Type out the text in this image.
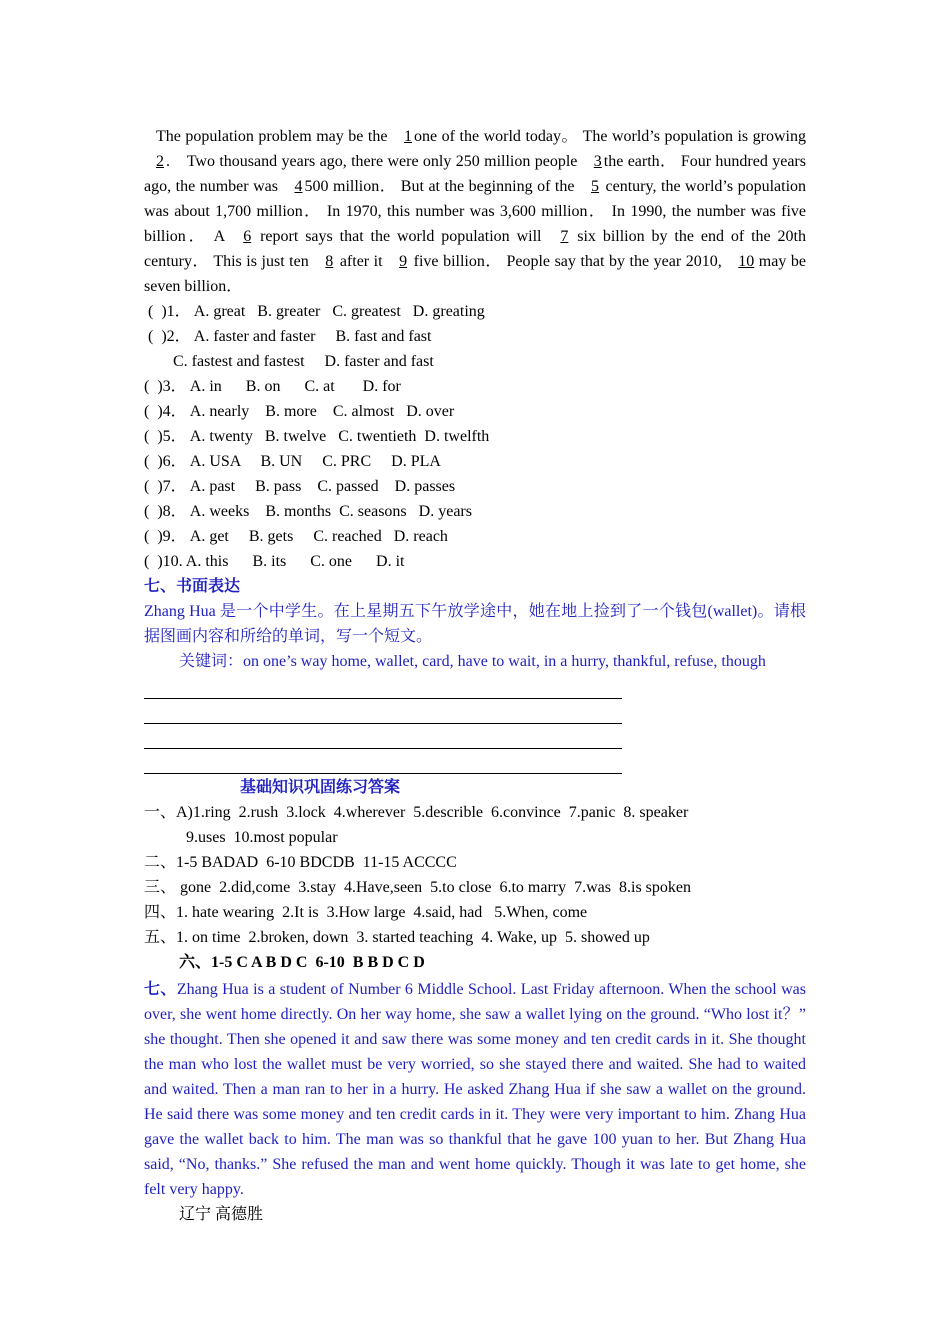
The population problem may be the 1 one of the world today。 The world’s population is growing 2 .　Two thousand years ago, there were only 250 million people 3 the earth． Four hundred years ago, the number was 4 500 million． But at the beginning of the 5 century, the world’s population was about 1,700 million． In 1970, this number was 3,600 million． In 1990, the number was five billion． A 6 report says that the world population will 7 six billion by the end of the 20th century． This is just ten 8 after it 9 five billion． People say that by the year 2010, 10 may be seven billion．

(  )1． A. great   B. greater   C. greatest   D. greating

(  )2． A. faster and faster     B. fast and fast

C. fastest and fastest     D. faster and fast

(  )3． A. in      B. on      C. at       D. for

(  )4． A. nearly    B. more    C. almost   D. over

(  )5． A. twenty   B. twelve   C. twentieth  D. twelfth

(  )6． A. USA     B. UN     C. PRC     D. PLA

(  )7． A. past     B. pass    C. passed    D. passes

(  )8． A. weeks    B. months  C. seasons   D. years

(  )9． A. get     B. gets     C. reached   D. reach

(  )10. A. this      B. its      C. one      D. it

七、书面表达

Zhang Hua 是一个中学生。在上星期五下午放学途中，她在地上捡到了一个钱包(wallet)。请根据图画内容和所给的单词，写一个短文。

关键词：on one’s way home, wallet, card, have to wait, in a hurry, thankful, refuse, though

基础知识巩固练习答案

一、A)1.ring  2.rush  3.lock  4.wherever  5.describle  6.convince  7.panic  8. speaker

9.uses  10.most popular

二、1-5 BADAD  6-10 BDCDB  11-15 ACCCC

三、 gone  2.did,come  3.stay  4.Have,seen  5.to close  6.to marry  7.was  8.is spoken

四、1. hate wearing  2.It is  3.How large  4.said, had   5.When, come

五、1. on time  2.broken, down  3. started teaching  4. Wake, up  5. showed up

六、1-5 C A B D C  6-10  B B D C D

七、Zhang Hua is a student of Number 6 Middle School. Last Friday afternoon. When the school was over, she went home directly. On her way home, she saw a wallet lying on the ground. “Who lost it？” she thought. Then she opened it and saw there was some money and ten credit cards in it. She thought the man who lost the wallet must be very worried, so she stayed there and waited. She had to waited and waited. Then a man ran to her in a hurry. He asked Zhang Hua if she saw a wallet on the ground. He said there was some money and ten credit cards in it. They were very important to him. Zhang Hua gave the wallet back to him. The man was so thankful that he gave 100 yuan to her. But Zhang Hua said, “No, thanks.” She refused the man and went home quickly. Though it was late to get home, she felt very happy.

辽宁 高德胜
